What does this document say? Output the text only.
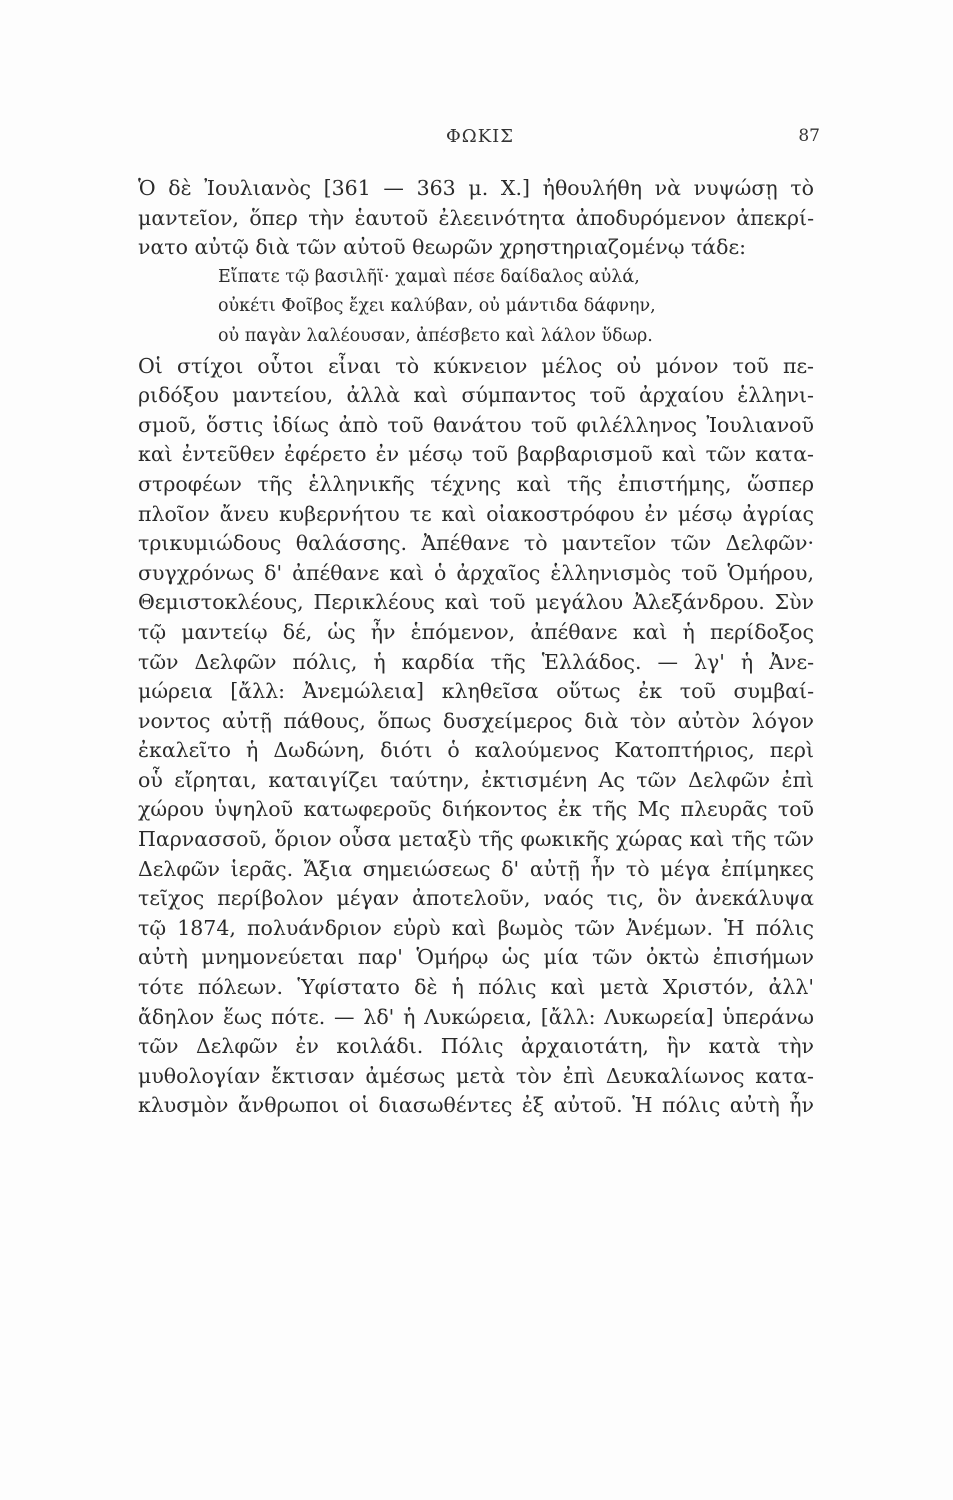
ΦΩΚΙΣ	87
Ὁ δὲ Ἰουλιανὸς [361 — 363 μ. Χ.] ἠθουλήθη νὰ νυψώσῃ τὸ
μαντεῖον, ὅπερ τὴν ἑαυτοῦ ἐλεεινότητα ἀποδυρόμενον ἀπεκρί-
νατο αὐτῷ διὰ τῶν αὐτοῦ θεωρῶν χρηστηριαζομένῳ τάδε:
Εἴπατε τῷ βασιλῆϊ· χαμαὶ πέσε δαίδαλος αὐλά,
οὐκέτι Φοῖβος ἔχει καλύβαν, οὐ μάντιδα δάφνην,
οὐ παγὰν λαλέουσαν, ἀπέσβετο καὶ λάλον ὕδωρ.
Οἱ στίχοι οὗτοι εἶναι τὸ κύκνειον μέλος οὐ μόνον τοῦ πε-
ριδόξου μαντείου, ἀλλὰ καὶ σύμπαντος τοῦ ἀρχαίου ἑλληνι-
σμοῦ, ὅστις ἰδίως ἀπὸ τοῦ θανάτου τοῦ φιλέλληνος Ἰουλιανοῦ
καὶ ἐντεῦθεν ἐφέρετο ἐν μέσῳ τοῦ βαρβαρισμοῦ καὶ τῶν κατα-
στροφέων τῆς ἑλληνικῆς τέχνης καὶ τῆς ἐπιστήμης, ὥσπερ
πλοῖον ἄνευ κυβερνήτου τε καὶ οἰακοστρόφου ἐν μέσῳ ἀγρίας
τρικυμιώδους θαλάσσης. Ἀπέθανε τὸ μαντεῖον τῶν Δελφῶν·
συγχρόνως δ' ἀπέθανε καὶ ὁ ἀρχαῖος ἑλληνισμὸς τοῦ Ὁμήρου,
Θεμιστοκλέους, Περικλέους καὶ τοῦ μεγάλου Ἀλεξάνδρου. Σὺν
τῷ μαντείῳ δέ, ὡς ἦν ἑπόμενον, ἀπέθανε καὶ ἡ περίδοξος
τῶν Δελφῶν πόλις, ἡ καρδία τῆς Ἑλλάδος. — λγ' ἡ Ἀνε-
μώρεια [ἄλλ: Ἀνεμώλεια] κληθεῖσα οὕτως ἐκ τοῦ συμβαί-
νοντος αὐτῇ πάθους, ὅπως δυσχείμερος διὰ τὸν αὐτὸν λόγον
ἐκαλεῖτο ἡ Δωδώνη, διότι ὁ καλούμενος Κατοπτήριος, περὶ
οὗ εἴρηται, καταιγίζει ταύτην, ἐκτισμένη Ας τῶν Δελφῶν ἐπὶ
χώρου ὑψηλοῦ κατωφεροῦς διήκοντος ἐκ τῆς Μς πλευρᾶς τοῦ
Παρνασσοῦ, ὅριον οὖσα μεταξὺ τῆς φωκικῆς χώρας καὶ τῆς τῶν
Δελφῶν ἱερᾶς. Ἄξια σημειώσεως δ' αὐτῇ ἦν τὸ μέγα ἐπίμηκες
τεῖχος περίβολον μέγαν ἀποτελοῦν, ναός τις, ὃν ἀνεκάλυψα
τῷ 1874, πολυάνδριον εὐρὺ καὶ βωμὸς τῶν Ἀνέμων. Ἡ πόλις
αὐτὴ μνημονεύεται παρ' Ὁμήρῳ ὡς μία τῶν ὀκτὼ ἐπισήμων
τότε πόλεων. Ὑφίστατο δὲ ἡ πόλις καὶ μετὰ Χριστόν, ἀλλ'
ἄδηλον ἕως πότε. — λδ' ἡ Λυκώρεια, [ἄλλ: Λυκωρεία] ὑπεράνω
τῶν Δελφῶν ἐν κοιλάδι. Πόλις ἀρχαιοτάτη, ἣν κατὰ τὴν
μυθολογίαν ἔκτισαν ἀμέσως μετὰ τὸν ἐπὶ Δευκαλίωνος κατα-
κλυσμὸν ἄνθρωποι οἱ διασωθέντες ἐξ αὐτοῦ. Ἡ πόλις αὐτὴ ἦν
